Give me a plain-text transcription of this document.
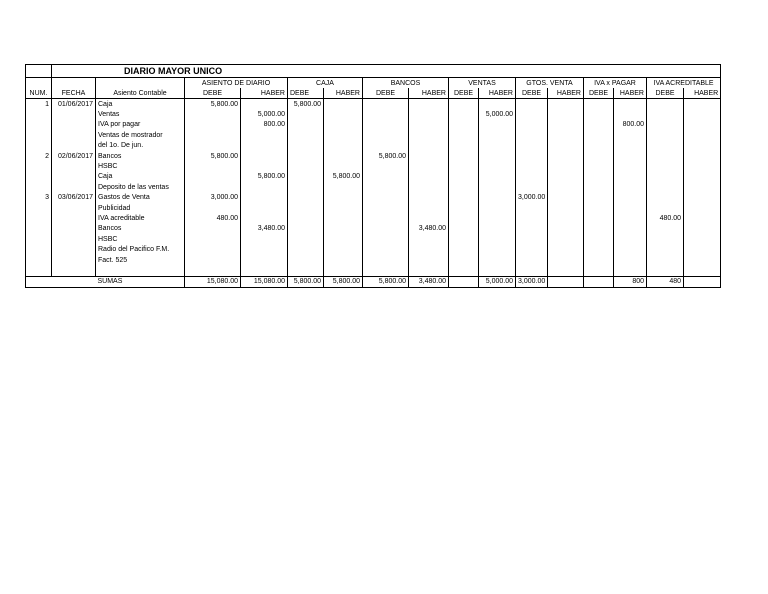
	DIARIO MAYOR UNICO															
			ASIENTO DE DIARIO		CAJA		BANCOS		VENTAS		GTOS. VENTA		IVA x PAGAR		IVA ACREDITABLE	
NUM.	FECHA	Asiento Contable	DEBE	HABER	DEBE	HABER	DEBE	HABER	DEBE	HABER	DEBE	HABER	DEBE	HABER	DEBE	HABER
1	01/06/2017	Caja	5,800.00		5,800.00											
		Ventas		5,000.00						5,000.00						
		IVA por pagar		800.00										800.00		
		Ventas de mostrador														
		del 1o. De jun.														
2	02/06/2017	Bancos	5,800.00				5,800.00									
		HSBC														
		Caja		5,800.00		5,800.00										
		Deposito de las ventas														
3	03/06/2017	Gastos de Venta	3,000.00								3,000.00					
		Publicidad														
		IVA acreditable	480.00												480.00	
		Bancos		3,480.00				3,480.00								
		HSBC														
		Radio del Pacifico F.M.														
		Fact. 525														

		SUMAS	15,080.00	15,080.00	5,800.00	5,800.00	5,800.00	3,480.00		5,000.00	3,000.00			800	480	
